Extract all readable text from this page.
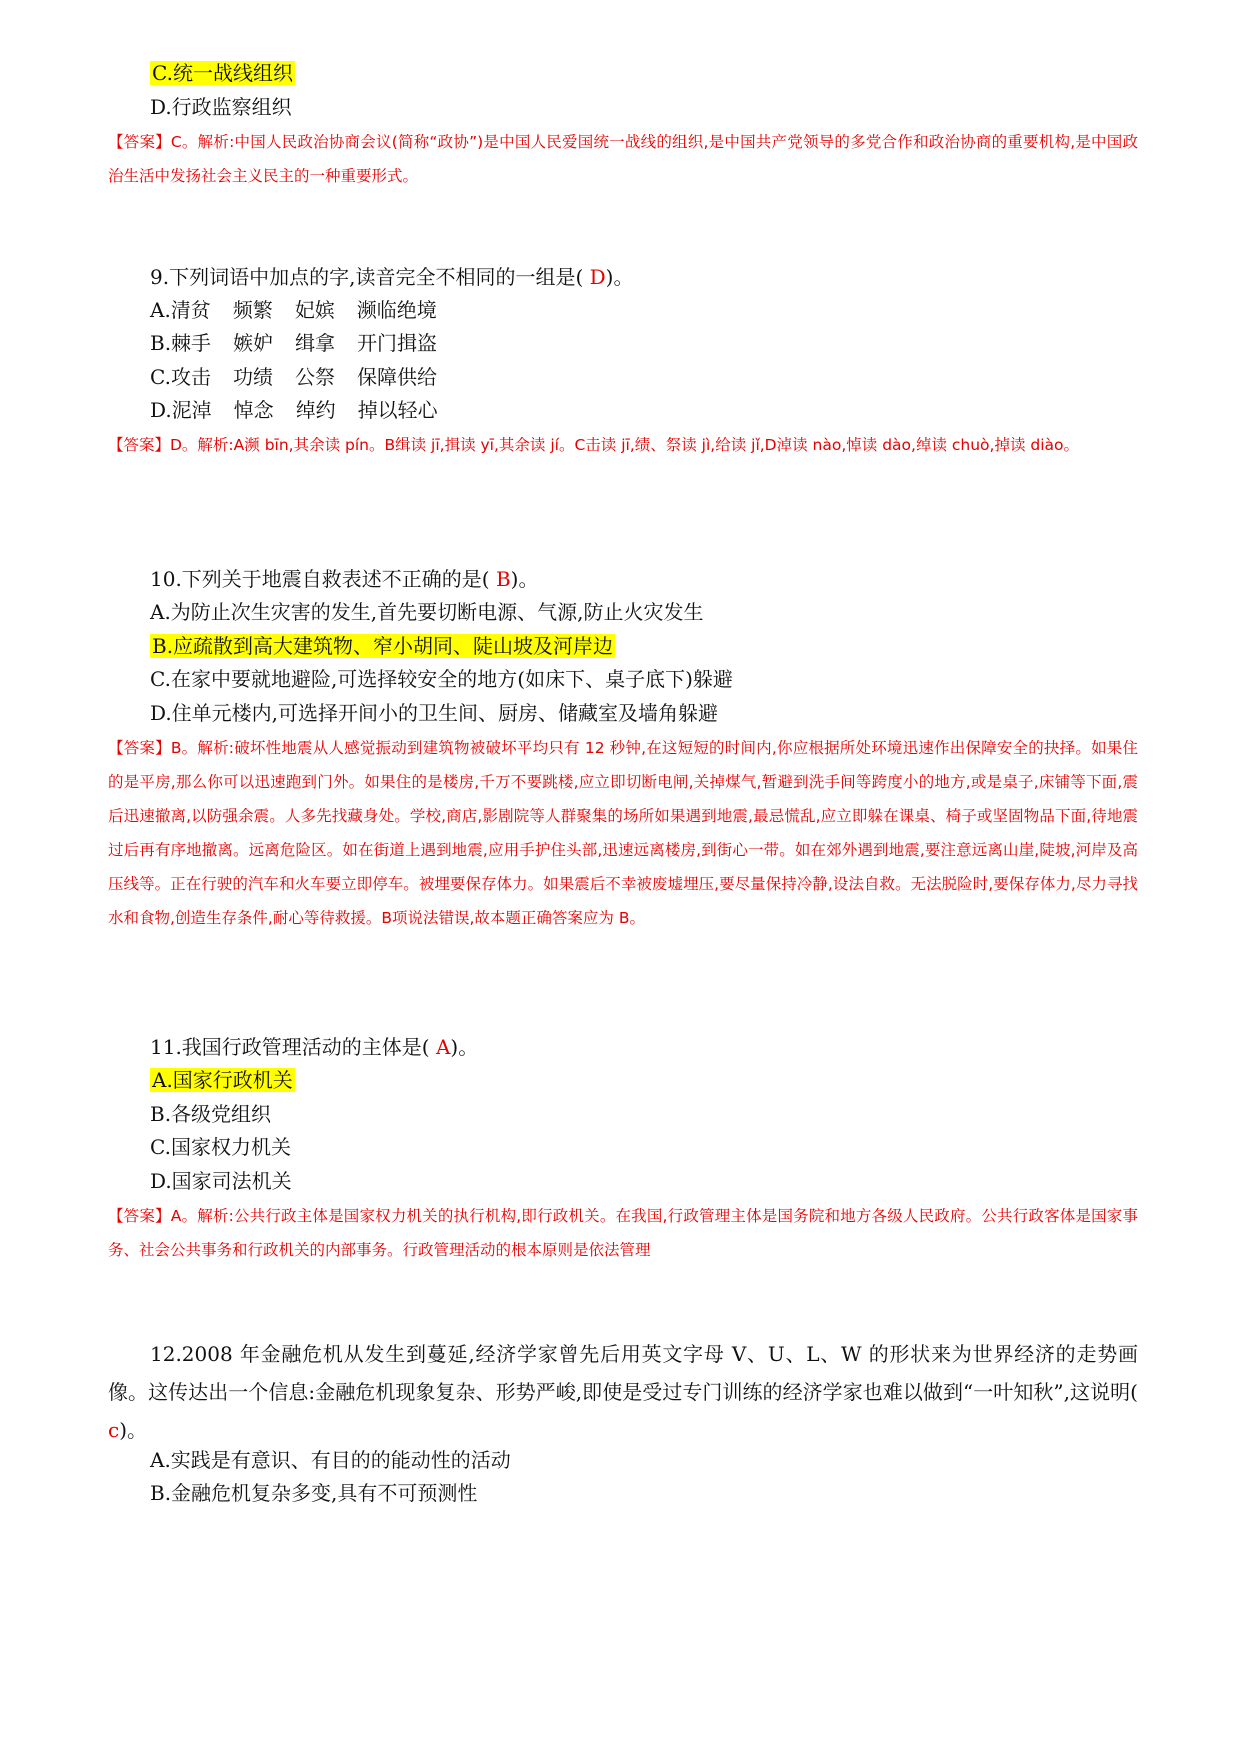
C.统一战线组织
D.行政监察组织
【答案】C。解析:中国人民政治协商会议(简称“政协”)是中国人民爱国统一战线的组织,是中国共产党领导的多党合作和政治协商的重要机构,是中国政治生活中发扬社会主义民主的一种重要形式。
9.下列词语中加点的字,读音完全不相同的一组是( D)。
A.清贫 频繁 妃嫔 濒临绝境
B.棘手 嫉妒 缉拿 开门揖盗
C.攻击 功绩 公祭 保障供给
D.泥淖 悼念 绰约 掉以轻心
【答案】D。解析:A濒 bīn,其余读 pín。B缉读 jī,揖读 yī,其余读 jí。C击读 jī,绩、祭读 jì,给读 jǐ,D淖读 nào,悼读 dào,绰读 chuò,掉读 diào。
10.下列关于地震自救表述不正确的是( B)。
A.为防止次生灾害的发生,首先要切断电源、气源,防止火灾发生
B.应疏散到高大建筑物、窄小胡同、陡山坡及河岸边
C.在家中要就地避险,可选择较安全的地方(如床下、桌子底下)躲避
D.住单元楼内,可选择开间小的卫生间、厨房、储藏室及墙角躲避
【答案】B。解析:破坏性地震从人感觉振动到建筑物被破坏平均只有 12 秒钟,在这短短的时间内,你应根据所处环境迅速作出保障安全的抉择。如果住的是平房,那么你可以迅速跑到门外。如果住的是楼房,千万不要跳楼,应立即切断电闸,关掉煤气,暂避到洗手间等跨度小的地方,或是桌子,床铺等下面,震后迅速撤离,以防强余震。人多先找藏身处。学校,商店,影剧院等人群聚集的场所如果遇到地震,最忌慌乱,应立即躲在课桌、椅子或坚固物品下面,待地震过后再有序地撤离。远离危险区。如在街道上遇到地震,应用手护住头部,迅速远离楼房,到街心一带。如在郊外遇到地震,要注意远离山崖,陡坡,河岸及高压线等。正在行驶的汽车和火车要立即停车。被埋要保存体力。如果震后不幸被废墟埋压,要尽量保持冷静,设法自救。无法脱险时,要保存体力,尽力寻找水和食物,创造生存条件,耐心等待救援。B项说法错误,故本题正确答案应为 B。
11.我国行政管理活动的主体是( A)。
A.国家行政机关
B.各级党组织
C.国家权力机关
D.国家司法机关
【答案】A。解析:公共行政主体是国家权力机关的执行机构,即行政机关。在我国,行政管理主体是国务院和地方各级人民政府。公共行政客体是国家事务、社会公共事务和行政机关的内部事务。行政管理活动的根本原则是依法管理
12.2008 年金融危机从发生到蔓延,经济学家曾先后用英文字母 V、U、L、W 的形状来为世界经济的走势画像。这传达出一个信息:金融危机现象复杂、形势严峻,即使是受过专门训练的经济学家也难以做到“一叶知秋”,这说明( c)。
A.实践是有意识、有目的的能动性的活动
B.金融危机复杂多变,具有不可预测性
